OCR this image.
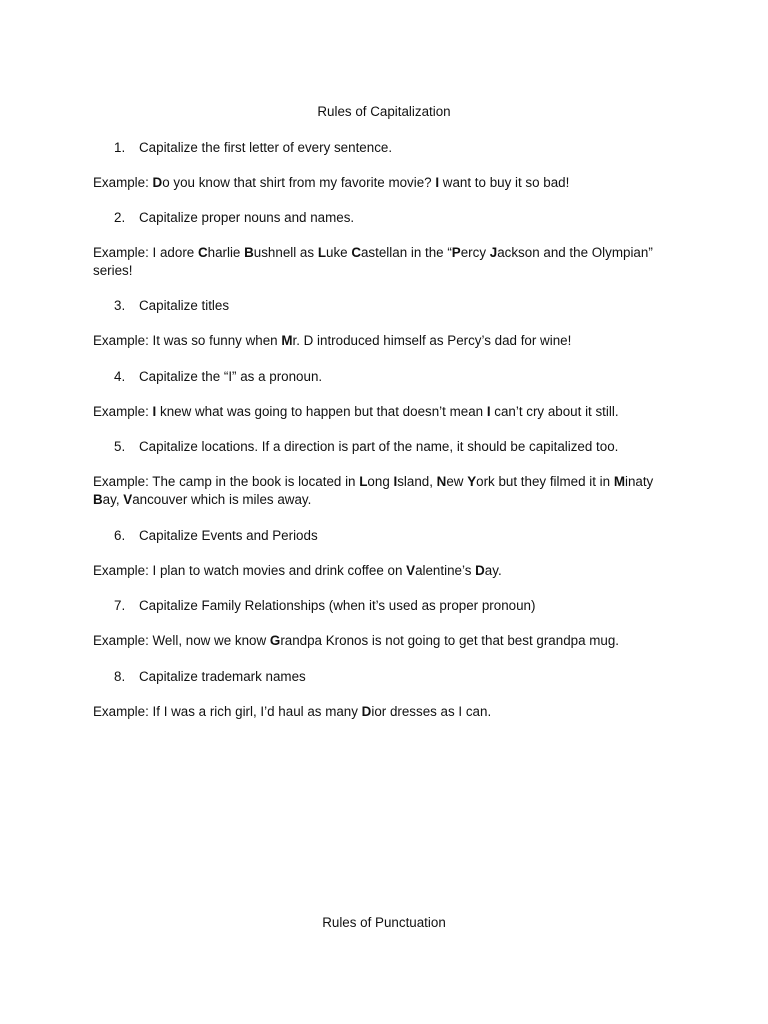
Rules of Capitalization
1.	Capitalize the first letter of every sentence.
Example: Do you know that shirt from my favorite movie? I want to buy it so bad!
2.	Capitalize proper nouns and names.
Example: I adore Charlie Bushnell as Luke Castellan in the “Percy Jackson and the Olympian” series!
3.	Capitalize titles
Example: It was so funny when Mr. D introduced himself as Percy’s dad for wine!
4.	Capitalize the “I” as a pronoun.
Example: I knew what was going to happen but that doesn’t mean I can’t cry about it still.
5.	Capitalize locations. If a direction is part of the name, it should be capitalized too.
Example: The camp in the book is located in Long Island, New York but they filmed it in Minaty Bay, Vancouver which is miles away.
6.	Capitalize Events and Periods
Example: I plan to watch movies and drink coffee on Valentine’s Day.
7.	Capitalize Family Relationships (when it’s used as proper pronoun)
Example: Well, now we know Grandpa Kronos is not going to get that best grandpa mug.
8.	Capitalize trademark names
Example: If I was a rich girl, I’d haul as many Dior dresses as I can.
Rules of Punctuation
